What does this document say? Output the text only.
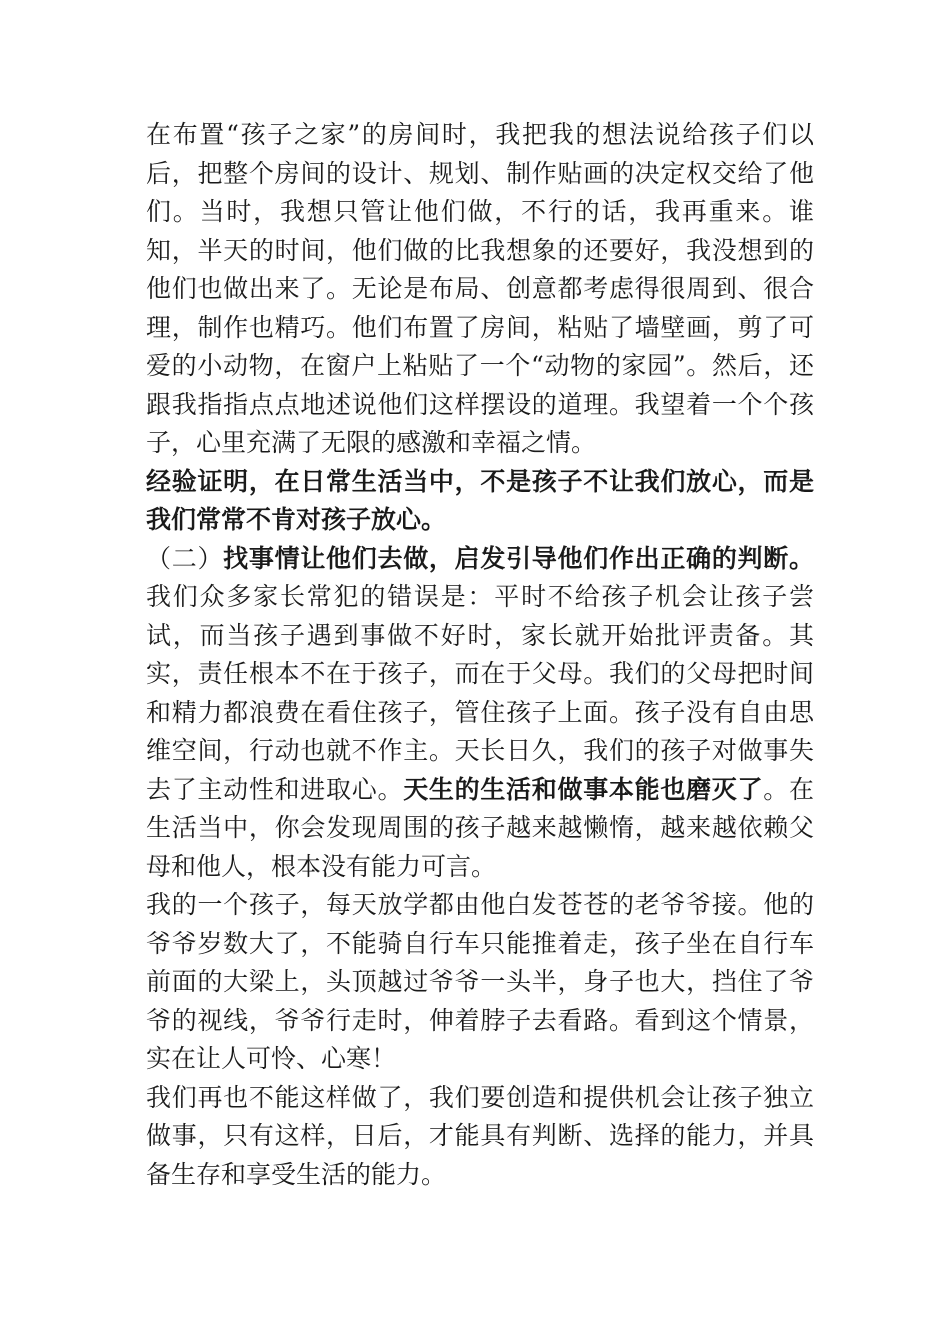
在布置“孩子之家”的房间时，我把我的想法说给孩子们以后，把整个房间的设计、规划、制作贴画的决定权交给了他们。当时，我想只管让他们做，不行的话，我再重来。谁知，半天的时间，他们做的比我想象的还要好，我没想到的他们也做出来了。无论是布局、创意都考虑得很周到、很合理，制作也精巧。他们布置了房间，粘贴了墙壁画，剪了可爱的小动物，在窗户上粘贴了一个“动物的家园”。然后，还跟我指指点点地述说他们这样摆设的道理。我望着一个个孩子，心里充满了无限的感激和幸福之情。

经验证明，在日常生活当中，不是孩子不让我们放心，而是我们常常不肯对孩子放心。

（二）找事情让他们去做，启发引导他们作出正确的判断。我们众多家长常犯的错误是：平时不给孩子机会让孩子尝试，而当孩子遇到事做不好时，家长就开始批评责备。其实，责任根本不在于孩子，而在于父母。我们的父母把时间和精力都浪费在看住孩子，管住孩子上面。孩子没有自由思维空间，行动也就不作主。天长日久，我们的孩子对做事失去了主动性和进取心。天生的生活和做事本能也磨灭了。在生活当中，你会发现周围的孩子越来越懒惰，越来越依赖父母和他人，根本没有能力可言。

我的一个孩子，每天放学都由他白发苍苍的老爷爷接。他的爷爷岁数大了，不能骑自行车只能推着走，孩子坐在自行车前面的大梁上，头顶越过爷爷一头半，身子也大，挡住了爷爷的视线，爷爷行走时，伸着脖子去看路。看到这个情景，实在让人可怜、心寒！

我们再也不能这样做了，我们要创造和提供机会让孩子独立做事，只有这样，日后，才能具有判断、选择的能力，并具备生存和享受生活的能力。
